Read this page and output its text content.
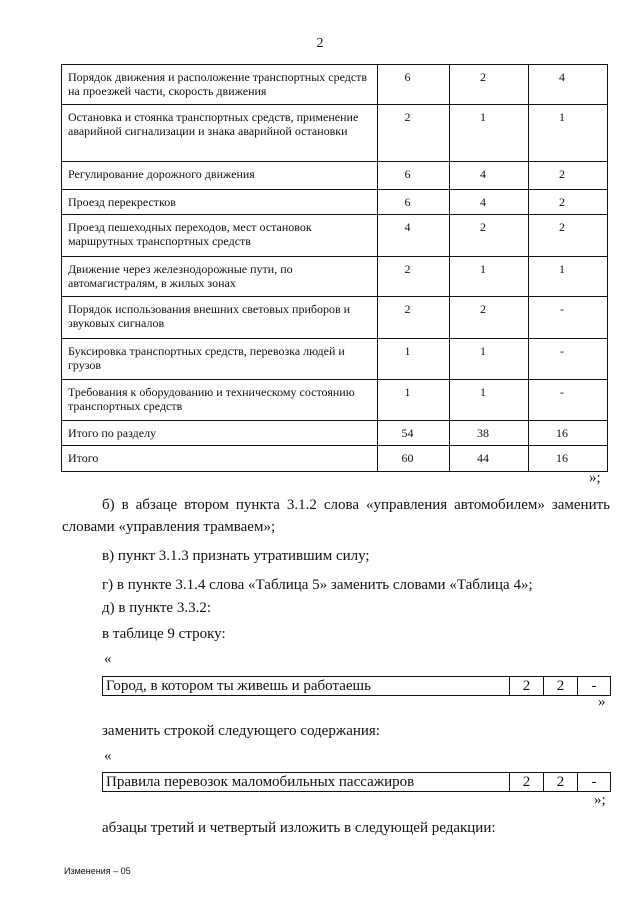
2
Порядок движения и расположение транспортных средств на проезжей части, скорость движения	6	2	4
Остановка и стоянка транспортных средств, применение аварийной сигнализации и знака аварийной остановки	2	1	1
Регулирование дорожного движения	6	4	2
Проезд перекрестков	6	4	2
Проезд пешеходных переходов, мест остановок маршрутных транспортных средств	4	2	2
Движение через железнодорожные пути, по автомагистралям, в жилых зонах	2	1	1
Порядок использования внешних световых приборов и звуковых сигналов	2	2	-
Буксировка транспортных средств, перевозка людей и грузов	1	1	-
Требования к оборудованию и техническому состоянию транспортных средств	1	1	-
Итого по разделу	54	38	16
Итого	60	44	16
»;
б) в абзаце втором пункта 3.1.2 слова «управления автомобилем» заменить словами «управления трамваем»;
в) пункт 3.1.3 признать утратившим силу;
г) в пункте 3.1.4 слова «Таблица 5» заменить словами «Таблица 4»;
д) в пункте 3.3.2:
в таблице 9 строку:
«
Город, в котором ты живешь и работаешь	2	2	-
»
заменить строкой следующего содержания:
«
Правила перевозок маломобильных пассажиров	2	2	-
»;
абзацы третий и четвертый изложить в следующей редакции:
Изменения – 05
